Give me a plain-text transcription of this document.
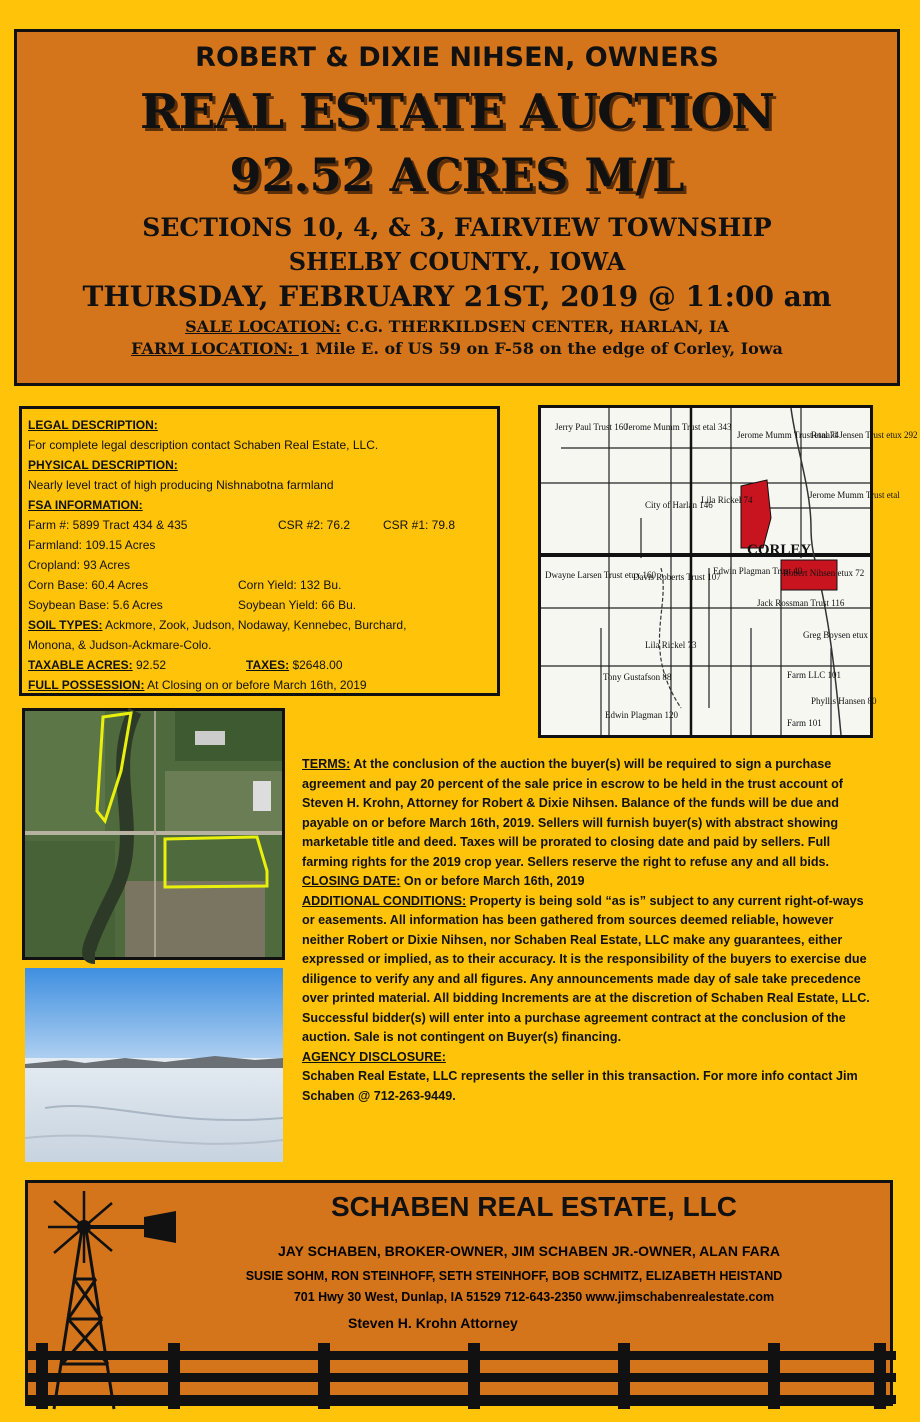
ROBERT & DIXIE NIHSEN, OWNERS
REAL ESTATE AUCTION
92.52 ACRES M/L
SECTIONS 10, 4, & 3, FAIRVIEW TOWNSHIP
SHELBY COUNTY., IOWA
THURSDAY, FEBRUARY 21ST, 2019 @ 11:00 am
SALE LOCATION: C.G. THERKILDSEN CENTER, HARLAN, IA
FARM LOCATION: 1 Mile E. of US 59 on F-58 on the edge of Corley, Iowa
LEGAL DESCRIPTION:
For complete legal description contact Schaben Real Estate, LLC.
PHYSICAL DESCRIPTION:
Nearly level tract of high producing Nishnabotna farmland
FSA INFORMATION:
Farm #: 5899 Tract 434 & 435	CSR #2: 76.2	CSR #1: 79.8
Farmland: 109.15 Acres
Cropland: 93 Acres
Corn Base: 60.4 Acres	Corn Yield: 132 Bu.
Soybean Base: 5.6 Acres	Soybean Yield: 66 Bu.
SOIL TYPES: Ackmore, Zook, Judson, Nodaway, Kennebec, Burchard,
Monona, & Judson-Ackmare-Colo.
TAXABLE ACRES: 92.52	TAXES: $2648.00
FULL POSSESSION: At Closing on or before March 16th, 2019
Jerry Paul Trust 160
Jerome Mumm Trust etal 343
Jerome Mumm Trust etal 74
Ronald Jensen Trust etux 292
City of Harlan 146
Lila Rickel 74	Jerome Mumm Trust etal
CORLEY
Robert Nihsen etux 72
Dwayne Larsen Trust etux 160
Davis Roberts Trust 107
Edwin Plagman Trust 40
Jack Rossman Trust 116
Greg Boysen etux
Lila Rickel 73
Tony Gustafson 88
Edwin Plagman 120
Farm LLC 101
Phyllis Hansen 80
Farm 101

TERMS: At the conclusion of the auction the buyer(s) will be required to sign a purchase agreement and pay 20 percent of the sale price in escrow to be held in the trust account of Steven H. Krohn, Attorney for Robert & Dixie Nihsen. Balance of the funds will be due and payable on or before March 16th, 2019. Sellers will furnish buyer(s) with abstract showing marketable title and deed. Taxes will be prorated to closing date and paid by sellers. Full farming rights for the 2019 crop year. Sellers reserve the right to refuse any and all bids.

CLOSING DATE: On or before March 16th, 2019

ADDITIONAL CONDITIONS: Property is being sold “as is” subject to any current right-of-ways or easements. All information has been gathered from sources deemed reliable, however neither Robert or Dixie Nihsen, nor Schaben Real Estate, LLC make any guarantees, either expressed or implied, as to their accuracy. It is the responsibility of the buyers to exercise due diligence to verify any and all figures. Any announcements made day of sale take precedence over printed material. All bidding Increments are at the discretion of Schaben Real Estate, LLC. Successful bidder(s) will enter into a purchase agreement contract at the conclusion of the auction. Sale is not contingent on Buyer(s) financing.

AGENCY DISCLOSURE:

Schaben Real Estate, LLC represents the seller in this transaction. For more info contact Jim Schaben @ 712-263-9449.

SCHABEN REAL ESTATE, LLC
JAY SCHABEN, BROKER-OWNER, JIM SCHABEN JR.-OWNER, ALAN FARA
SUSIE SOHM, RON STEINHOFF, SETH STEINHOFF, BOB SCHMITZ, ELIZABETH HEISTAND
701 Hwy 30 West, Dunlap, IA 51529 712-643-2350 www.jimschabenrealestate.com
Steven H. Krohn Attorney
